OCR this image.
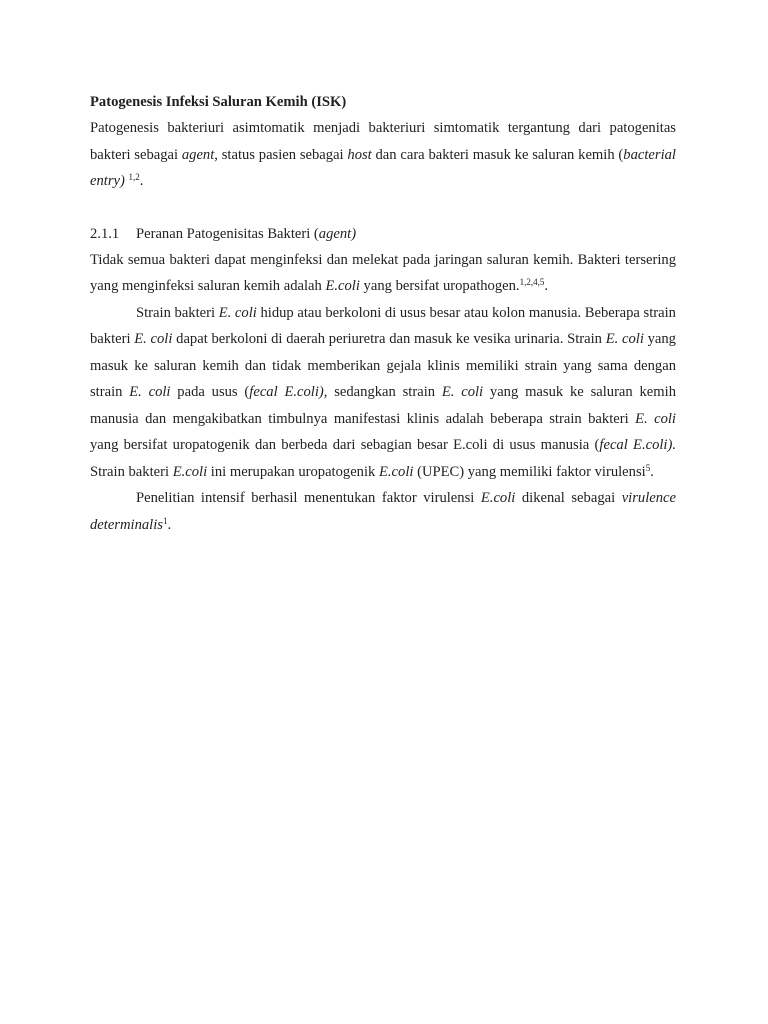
Patogenesis Infeksi Saluran Kemih (ISK)

Patogenesis bakteriuri asimtomatik menjadi bakteriuri simtomatik tergantung dari patogenitas bakteri sebagai agent, status pasien sebagai host dan cara bakteri masuk ke saluran kemih (bacterial entry) $^{1,2}$.

2.1.1 Peranan Patogenisitas Bakteri (agent)

Tidak semua bakteri dapat menginfeksi dan melekat pada jaringan saluran kemih. Bakteri tersering yang menginfeksi saluran kemih adalah E.coli yang bersifat uropathogen.$^{1,2,4,5}$.

Strain bakteri E. coli hidup atau berkoloni di usus besar atau kolon manusia. Beberapa strain bakteri E. coli dapat berkoloni di daerah periuretra dan masuk ke vesika urinaria. Strain E. coli yang masuk ke saluran kemih dan tidak memberikan gejala klinis memiliki strain yang sama dengan strain E. coli pada usus (fecal E.coli), sedangkan strain E. coli yang masuk ke saluran kemih manusia dan mengakibatkan timbulnya manifestasi klinis adalah beberapa strain bakteri E. coli yang bersifat uropatogenik dan berbeda dari sebagian besar E.coli di usus manusia (fecal E.coli). Strain bakteri E.coli ini merupakan uropatogenik E.coli (UPEC) yang memiliki faktor virulensi$^5$.

Penelitian intensif berhasil menentukan faktor virulensi E.coli dikenal sebagai virulence determinalis$^1$.
